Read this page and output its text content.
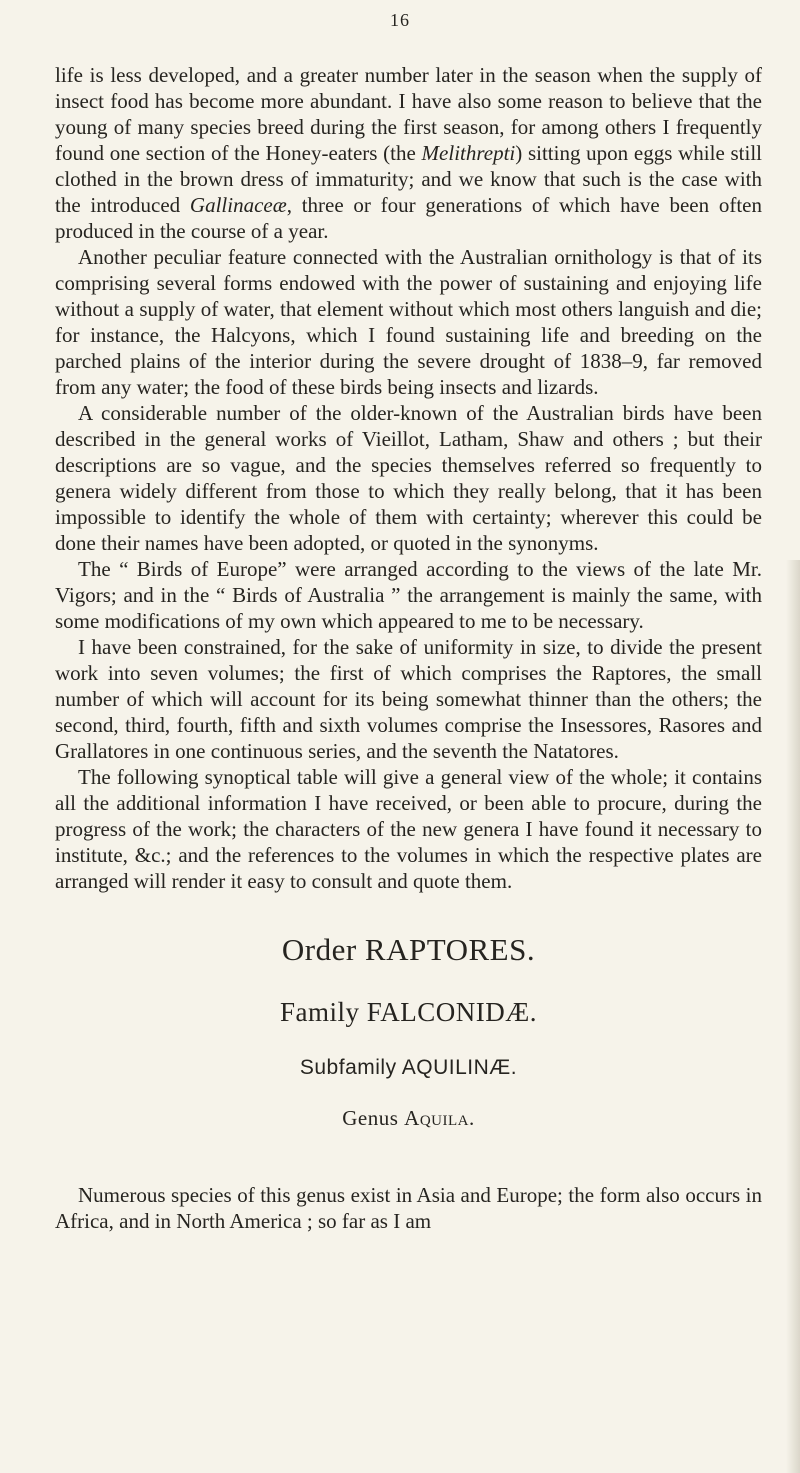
16

life is less developed, and a greater number later in the season when the supply of insect food has become more abundant. I have also some reason to believe that the young of many species breed during the first season, for among others I frequently found one section of the Honey-eaters (the Melithrepti) sitting upon eggs while still clothed in the brown dress of immaturity; and we know that such is the case with the introduced Gallinaceæ, three or four generations of which have been often produced in the course of a year.

Another peculiar feature connected with the Australian ornithology is that of its comprising several forms endowed with the power of sustaining and enjoying life without a supply of water, that element without which most others languish and die; for instance, the Halcyons, which I found sustaining life and breeding on the parched plains of the interior during the severe drought of 1838–9, far removed from any water; the food of these birds being insects and lizards.

A considerable number of the older-known of the Australian birds have been described in the general works of Vieillot, Latham, Shaw and others ; but their descriptions are so vague, and the species themselves referred so frequently to genera widely different from those to which they really belong, that it has been impossible to identify the whole of them with certainty; wherever this could be done their names have been adopted, or quoted in the synonyms.

The “ Birds of Europe” were arranged according to the views of the late Mr. Vigors; and in the “ Birds of Australia ” the arrangement is mainly the same, with some modifications of my own which appeared to me to be necessary.

I have been constrained, for the sake of uniformity in size, to divide the present work into seven volumes; the first of which comprises the Raptores, the small number of which will account for its being somewhat thinner than the others; the second, third, fourth, fifth and sixth volumes comprise the Insessores, Rasores and Grallatores in one continuous series, and the seventh the Natatores.

The following synoptical table will give a general view of the whole; it contains all the additional information I have received, or been able to procure, during the progress of the work; the characters of the new genera I have found it necessary to institute, &c.; and the references to the volumes in which the respective plates are arranged will render it easy to consult and quote them.

Order RAPTORES.

Family FALCONIDÆ.

Subfamily AQUILINÆ.

Genus Aquila.

Numerous species of this genus exist in Asia and Europe; the form also occurs in Africa, and in North America ; so far as I am
